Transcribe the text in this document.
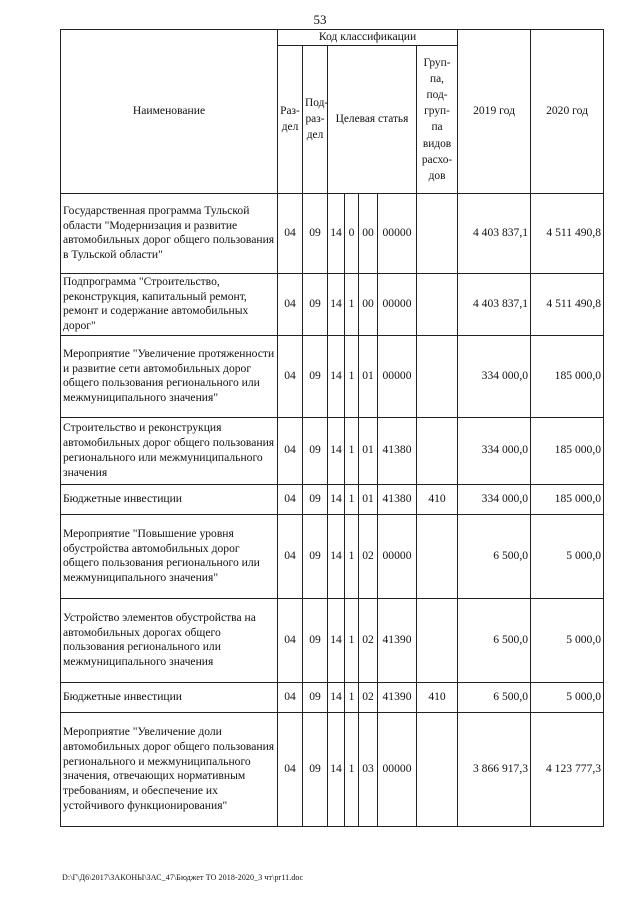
53
Наименование	Код классификации							2019 год	2020 год
	Раз-дел	Под-раз-дел	Целевая статья				Груп-па, под-груп-па видов расхо-дов		
Государственная программа Тульской области "Модернизация и развитие автомобильных дорог общего пользования в Тульской области"	04	09	14	0	00	00000		4 403 837,1	4 511 490,8
Подпрограмма "Строительство, реконструкция, капитальный ремонт, ремонт и содержание автомобильных дорог"	04	09	14	1	00	00000		4 403 837,1	4 511 490,8
Мероприятие "Увеличение протяженности и развитие сети автомобильных дорог общего пользования регионального или межмуниципального значения"	04	09	14	1	01	00000		334 000,0	185 000,0
Строительство и реконструкция автомобильных дорог общего пользования регионального или межмуниципального значения	04	09	14	1	01	41380		334 000,0	185 000,0
Бюджетные инвестиции	04	09	14	1	01	41380	410	334 000,0	185 000,0
Мероприятие "Повышение уровня обустройства автомобильных дорог общего пользования регионального или межмуниципального значения"	04	09	14	1	02	00000		6 500,0	5 000,0
Устройство элементов обустройства на автомобильных дорогах общего пользования регионального или межмуниципального значения	04	09	14	1	02	41390		6 500,0	5 000,0
Бюджетные инвестиции	04	09	14	1	02	41390	410	6 500,0	5 000,0
Мероприятие "Увеличение доли автомобильных дорог общего пользования регионального и межмуниципального значения, отвечающих нормативным требованиям, и обеспечение их устойчивого функционирования"	04	09	14	1	03	00000		3 866 917,3	4 123 777,3
D:\Г\Д6\2017\ЗАКОНЫ\ЗАС_47\Бюджет ТО 2018-2020_3 чт\pr11.doc
